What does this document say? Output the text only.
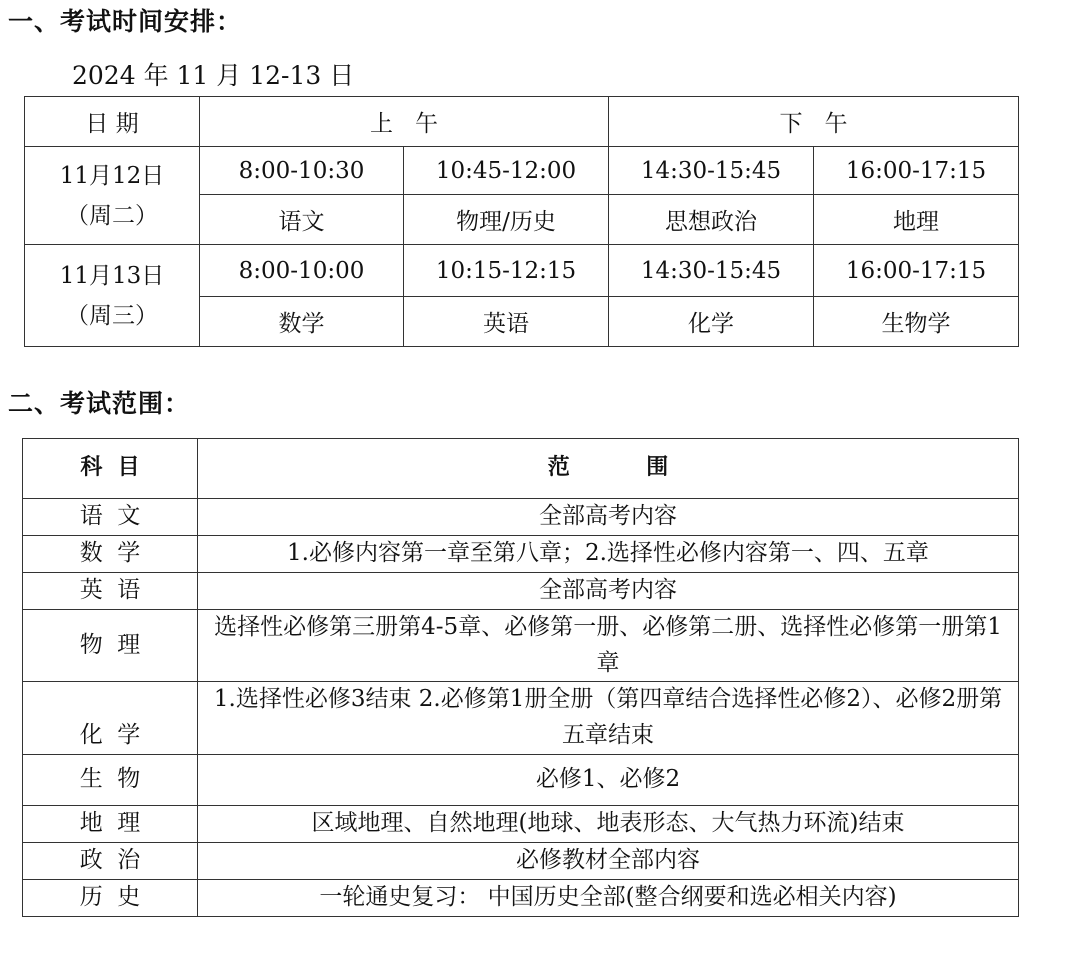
一、考试时间安排：
2024 年 11 月 12-13 日
日 期	上   午		下   午	

11月12日
（周二）	8:00-10:30	10:45-12:00	14:30-15:45	16:00-17:15
	语文	物理/历史	思想政治	地理

11月13日
（周三）	8:00-10:00	10:15-12:15	14:30-15:45	16:00-17:15
	数学	英语	化学	生物学
二、考试范围：
科  目	范          围
语  文	全部高考内容
数  学	1.必修内容第一章至第八章；2.选择性必修内容第一、四、五章
英  语	全部高考内容
物  理	选择性必修第三册第4-5章、必修第一册、必修第二册、选择性必修第一册第1章
化  学	1.选择性必修3结束 2.必修第1册全册（第四章结合选择性必修2）、必修2册第五章结束
生  物	必修1、必修2
地  理	区域地理、自然地理(地球、地表形态、大气热力环流)结束
政  治	必修教材全部内容
历  史	一轮通史复习： 中国历史全部(整合纲要和选必相关内容)
